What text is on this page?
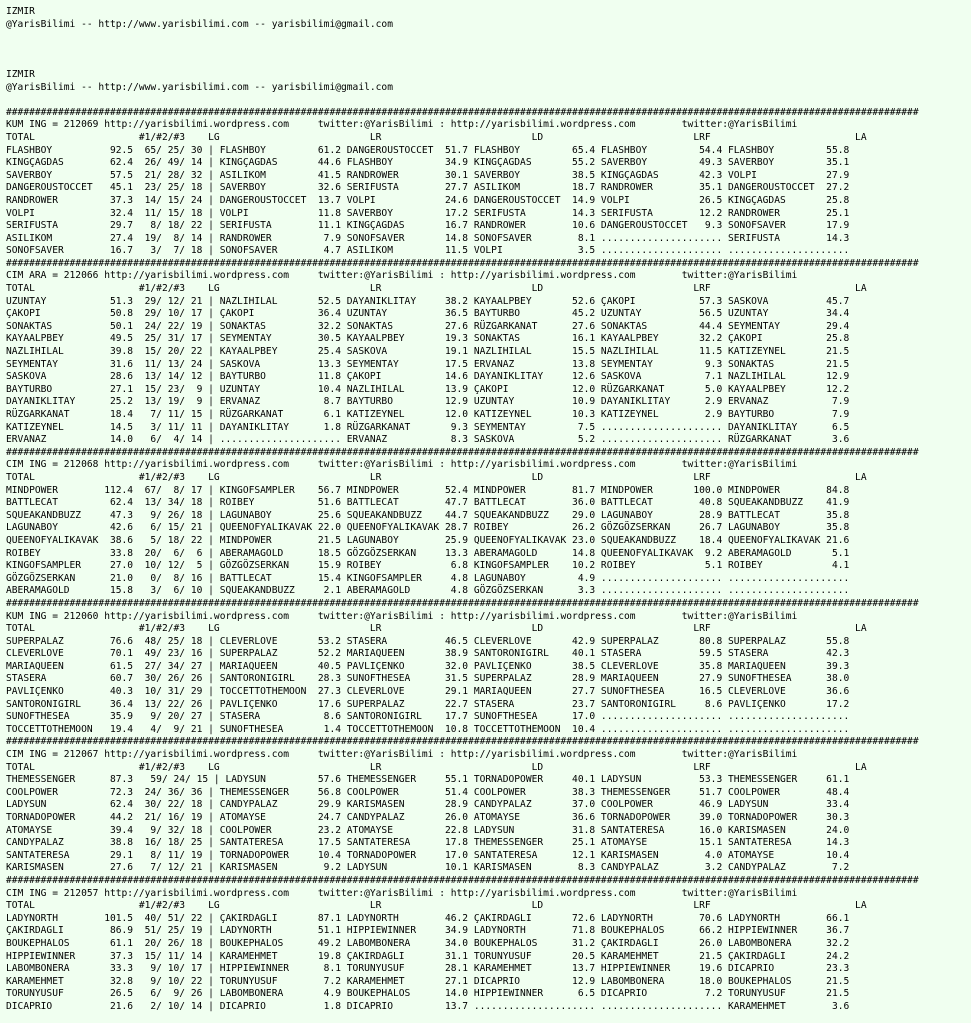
IZMIR
@YarisBilimi -- http://www.yarisbilimi.com -- yarisbilimi@gmail.com
IZMIR
@YarisBilimi -- http://www.yarisbilimi.com -- yarisbilimi@gmail.com
##############################################################################################################################################################
KUM ING = 212069 http://yarisbilimi.wordpress.com     twitter:@YarisBilimi : http://yarisbilimi.wordpress.com        twitter:@YarisBilimi
TOTAL                  #1/#2/#3    LG                          LR                          LD                          LRF                         LA
FLASHBOY          92.5  65/ 25/ 30 | FLASHBOY         61.2 DANGEROUSTOCCET  51.7 FLASHBOY         65.4 FLASHBOY         54.4 FLASHBOY         55.8
KINGÇAGDAS        62.4  26/ 49/ 14 | KINGÇAGDAS       44.6 FLASHBOY         34.9 KINGÇAGDAS       55.2 SAVERBOY         49.3 SAVERBOY         35.1
SAVERBOY          57.5  21/ 28/ 32 | ASILIKOM         41.5 RANDROWER        30.1 SAVERBOY         38.5 KINGÇAGDAS       42.3 VOLPI            27.9
DANGEROUSTOCCET   45.1  23/ 25/ 18 | SAVERBOY         32.6 SERIFUSTA        27.7 ASILIKOM         18.7 RANDROWER        35.1 DANGEROUSTOCCET  27.2
RANDROWER         37.3  14/ 15/ 24 | DANGEROUSTOCCET  13.7 VOLPI            24.6 DANGEROUSTOCCET  14.9 VOLPI            26.5 KINGÇAGDAS       25.8
VOLPI             32.4  11/ 15/ 18 | VOLPI            11.8 SAVERBOY         17.2 SERIFUSTA        14.3 SERIFUSTA        12.2 RANDROWER        25.1
SERIFUSTA         29.7   8/ 18/ 22 | SERIFUSTA        11.1 KINGÇAGDAS       16.7 RANDROWER        10.6 DANGEROUSTOCCET   9.3 SONOFSAVER       17.9
ASILIKOM          27.4  19/  8/ 14 | RANDROWER         7.9 SONOFSAVER       14.8 SONOFSAVER        8.1 ..................... SERIFUSTA        14.3
SONOFSAVER        16.7   3/  7/ 18 | SONOFSAVER        4.7 ASILIKOM         11.5 VOLPI             3.5 ..................... .....................
##############################################################################################################################################################
CIM ARA = 212066 http://yarisbilimi.wordpress.com     twitter:@YarisBilimi : http://yarisbilimi.wordpress.com        twitter:@YarisBilimi
TOTAL                  #1/#2/#3    LG                          LR                          LD                          LRF                         LA
UZUNTAY           51.3  29/ 12/ 21 | NAZLIHILAL       52.5 DAYANIKLITAY     38.2 KAYAALPBEY       52.6 ÇAKOPI           57.3 SASKOVA          45.7
ÇAKOPI            50.8  29/ 10/ 17 | ÇAKOPI           36.4 UZUNTAY          36.5 BAYTURBO         45.2 UZUNTAY          56.5 UZUNTAY          34.4
SONAKTAS          50.1  24/ 22/ 19 | SONAKTAS         32.2 SONAKTAS         27.6 RÜZGARKANAT      27.6 SONAKTAS         44.4 SEYMENTAY        29.4
KAYAALPBEY        49.5  25/ 31/ 17 | SEYMENTAY        30.5 KAYAALPBEY       19.3 SONAKTAS         16.1 KAYAALPBEY       32.2 ÇAKOPI           25.8
NAZLIHILAL        39.8  15/ 20/ 22 | KAYAALPBEY       25.4 SASKOVA          19.1 NAZLIHILAL       15.5 NAZLIHILAL       11.5 KATIZEYNEL       21.5
SEYMENTAY         31.6  11/ 13/ 24 | SASKOVA          13.3 SEYMENTAY        17.5 ERVANAZ          13.8 SEYMENTAY         9.3 SONAKTAS         21.5
SASKOVA           28.6  13/ 14/ 12 | BAYTURBO         11.8 ÇAKOPI           14.6 DAYANIKLITAY     12.6 SASKOVA           7.1 NAZLIHILAL       12.9
BAYTURBO          27.1  15/ 23/  9 | UZUNTAY          10.4 NAZLIHILAL       13.9 ÇAKOPI           12.0 RÜZGARKANAT       5.0 KAYAALPBEY       12.2
DAYANIKLITAY      25.2  13/ 19/  9 | ERVANAZ           8.7 BAYTURBO         12.9 UZUNTAY          10.9 DAYANIKLITAY      2.9 ERVANAZ           7.9
RÜZGARKANAT       18.4   7/ 11/ 15 | RÜZGARKANAT       6.1 KATIZEYNEL       12.0 KATIZEYNEL       10.3 KATIZEYNEL        2.9 BAYTURBO          7.9
KATIZEYNEL        14.5   3/ 11/ 11 | DAYANIKLITAY      1.8 RÜZGARKANAT       9.3 SEYMENTAY         7.5 ..................... DAYANIKLITAY      6.5
ERVANAZ           14.0   6/  4/ 14 | ..................... ERVANAZ           8.3 SASKOVA           5.2 ..................... RÜZGARKANAT       3.6
##############################################################################################################################################################
CIM ING = 212068 http://yarisbilimi.wordpress.com     twitter:@YarisBilimi : http://yarisbilimi.wordpress.com        twitter:@YarisBilimi
TOTAL                  #1/#2/#3    LG                          LR                          LD                          LRF                         LA
MINDPOWER        112.4  67/  8/ 17 | KINGOFSAMPLER    56.7 MINDPOWER        52.4 MINDPOWER        81.7 MINDPOWER       100.0 MINDPOWER        84.8
BATTLECAT         62.4  13/ 34/ 18 | ROIBEY           51.6 BATTLECAT        47.7 BATTLECAT        36.0 BATTLECAT        40.8 SQUEAKANDBUZZ    41.9
SQUEAKANDBUZZ     47.3   9/ 26/ 18 | LAGUNABOY        25.6 SQUEAKANDBUZZ    44.7 SQUEAKANDBUZZ    29.0 LAGUNABOY        28.9 BATTLECAT        35.8
LAGUNABOY         42.6   6/ 15/ 21 | QUEENOFYALIKAVAK 22.0 QUEENOFYALIKAVAK 28.7 ROIBEY           26.2 GÖZGÖZSERKAN     26.7 LAGUNABOY        35.8
QUEENOFYALIKAVAK  38.6   5/ 18/ 22 | MINDPOWER        21.5 LAGUNABOY        25.9 QUEENOFYALIKAVAK 23.0 SQUEAKANDBUZZ    18.4 QUEENOFYALIKAVAK 21.6
ROIBEY            33.8  20/  6/  6 | ABERAMAGOLD      18.5 GÖZGÖZSERKAN     13.3 ABERAMAGOLD      14.8 QUEENOFYALIKAVAK  9.2 ABERAMAGOLD       5.1
KINGOFSAMPLER     27.0  10/ 12/  5 | GÖZGÖZSERKAN     15.9 ROIBEY            6.8 KINGOFSAMPLER    10.2 ROIBEY            5.1 ROIBEY            4.1
GÖZGÖZSERKAN      21.0   0/  8/ 16 | BATTLECAT        15.4 KINGOFSAMPLER     4.8 LAGUNABOY         4.9 ..................... .....................
ABERAMAGOLD       15.8   3/  6/ 10 | SQUEAKANDBUZZ     2.1 ABERAMAGOLD       4.8 GÖZGÖZSERKAN      3.3 ..................... .....................
##############################################################################################################################################################
KUM ING = 212060 http://yarisbilimi.wordpress.com     twitter:@YarisBilimi : http://yarisbilimi.wordpress.com        twitter:@YarisBilimi
TOTAL                  #1/#2/#3    LG                          LR                          LD                          LRF                         LA
SUPERPALAZ        76.6  48/ 25/ 18 | CLEVERLOVE       53.2 STASERA          46.5 CLEVERLOVE       42.9 SUPERPALAZ       80.8 SUPERPALAZ       55.8
CLEVERLOVE        70.1  49/ 23/ 16 | SUPERPALAZ       52.2 MARIAQUEEN       38.9 SANTORONIGIRL    40.1 STASERA          59.5 STASERA          42.3
MARIAQUEEN        61.5  27/ 34/ 27 | MARIAQUEEN       40.5 PAVLIÇENKO       32.0 PAVLIÇENKO       38.5 CLEVERLOVE       35.8 MARIAQUEEN       39.3
STASERA           60.7  30/ 26/ 26 | SANTORONIGIRL    28.3 SUNOFTHESEA      31.5 SUPERPALAZ       28.9 MARIAQUEEN       27.9 SUNOFTHESEA      38.0
PAVLIÇENKO        40.3  10/ 31/ 29 | TOCCETTOTHEMOON  27.3 CLEVERLOVE       29.1 MARIAQUEEN       27.7 SUNOFTHESEA      16.5 CLEVERLOVE       36.6
SANTORONIGIRL     36.4  13/ 22/ 26 | PAVLIÇENKO       17.6 SUPERPALAZ       22.7 STASERA          23.7 SANTORONIGIRL     8.6 PAVLIÇENKO       17.2
SUNOFTHESEA       35.9   9/ 20/ 27 | STASERA           8.6 SANTORONIGIRL    17.7 SUNOFTHESEA      17.0 ..................... .....................
TOCCETTOTHEMOON   19.4   4/  9/ 21 | SUNOFTHESEA       1.4 TOCCETTOTHEMOON  10.8 TOCCETTOTHEMOON  10.4 ..................... .....................
##############################################################################################################################################################
CIM ING = 212067 http://yarisbilimi.wordpress.com     twitter:@YarisBilimi : http://yarisbilimi.wordpress.com        twitter:@YarisBilimi
TOTAL                  #1/#2/#3    LG                          LR                          LD                          LRF                         LA
THEMESSENGER      87.3   59/ 24/ 15 | LADYSUN         57.6 THEMESSENGER     55.1 TORNADOPOWER     40.1 LADYSUN          53.3 THEMESSENGER     61.1
COOLPOWER         72.3  24/ 36/ 36 | THEMESSENGER     56.8 COOLPOWER        51.4 COOLPOWER        38.3 THEMESSENGER     51.7 COOLPOWER        48.4
LADYSUN           62.4  30/ 22/ 18 | CANDYPALAZ       29.9 KARISMASEN       28.9 CANDYPALAZ       37.0 COOLPOWER        46.9 LADYSUN          33.4
TORNADOPOWER      44.2  21/ 16/ 19 | ATOMAYSE         24.7 CANDYPALAZ       26.0 ATOMAYSE         36.6 TORNADOPOWER     39.0 TORNADOPOWER     30.3
ATOMAYSE          39.4   9/ 32/ 18 | COOLPOWER        23.2 ATOMAYSE         22.8 LADYSUN          31.8 SANTATERESA      16.0 KARISMASEN       24.0
CANDYPALAZ        38.8  16/ 18/ 25 | SANTATERESA      17.5 SANTATERESA      17.8 THEMESSENGER     25.1 ATOMAYSE         15.1 SANTATERESA      14.3
SANTATERESA       29.1   8/ 11/ 19 | TORNADOPOWER     10.4 TORNADOPOWER     17.0 SANTATERESA      12.1 KARISMASEN        4.0 ATOMAYSE         10.4
KARISMASEN        27.6   7/ 12/ 21 | KARISMASEN        9.2 LADYSUN          10.1 KARISMASEN        8.3 CANDYPALAZ        3.2 CANDYPALAZ        7.2
##############################################################################################################################################################
CIM ING = 212057 http://yarisbilimi.wordpress.com     twitter:@YarisBilimi : http://yarisbilimi.wordpress.com        twitter:@YarisBilimi
TOTAL                  #1/#2/#3    LG                          LR                          LD                          LRF                         LA
LADYNORTH        101.5  40/ 51/ 22 | ÇAKIRDAGLI       87.1 LADYNORTH        46.2 ÇAKIRDAGLI       72.6 LADYNORTH        70.6 LADYNORTH        66.1
ÇAKIRDAGLI        86.9  51/ 25/ 19 | LADYNORTH        51.1 HIPPIEWINNER     34.9 LADYNORTH        71.8 BOUKEPHALOS      66.2 HIPPIEWINNER     36.7
BOUKEPHALOS       61.1  20/ 26/ 18 | BOUKEPHALOS      49.2 LABOMBONERA      34.0 BOUKEPHALOS      31.2 ÇAKIRDAGLI       26.0 LABOMBONERA      32.2
HIPPIEWINNER      37.3  15/ 11/ 14 | KARAMEHMET       19.8 ÇAKIRDAGLI       31.1 TORUNYUSUF       20.5 KARAMEHMET       21.5 ÇAKIRDAGLI       24.2
LABOMBONERA       33.3   9/ 10/ 17 | HIPPIEWINNER      8.1 TORUNYUSUF       28.1 KARAMEHMET       13.7 HIPPIEWINNER     19.6 DICAPRIO         23.3
KARAMEHMET        32.8   9/ 10/ 22 | TORUNYUSUF        7.2 KARAMEHMET       27.1 DICAPRIO         12.9 LABOMBONERA      18.0 BOUKEPHALOS      21.5
TORUNYUSUF        26.5   6/  9/ 26 | LABOMBONERA       4.9 BOUKEPHALOS      14.0 HIPPIEWINNER      6.5 DICAPRIO          7.2 TORUNYUSUF       21.5
DICAPRIO          21.6   2/ 10/ 14 | DICAPRIO          1.8 DICAPRIO         13.7 ..................... ..................... KARAMEHMET        3.6
